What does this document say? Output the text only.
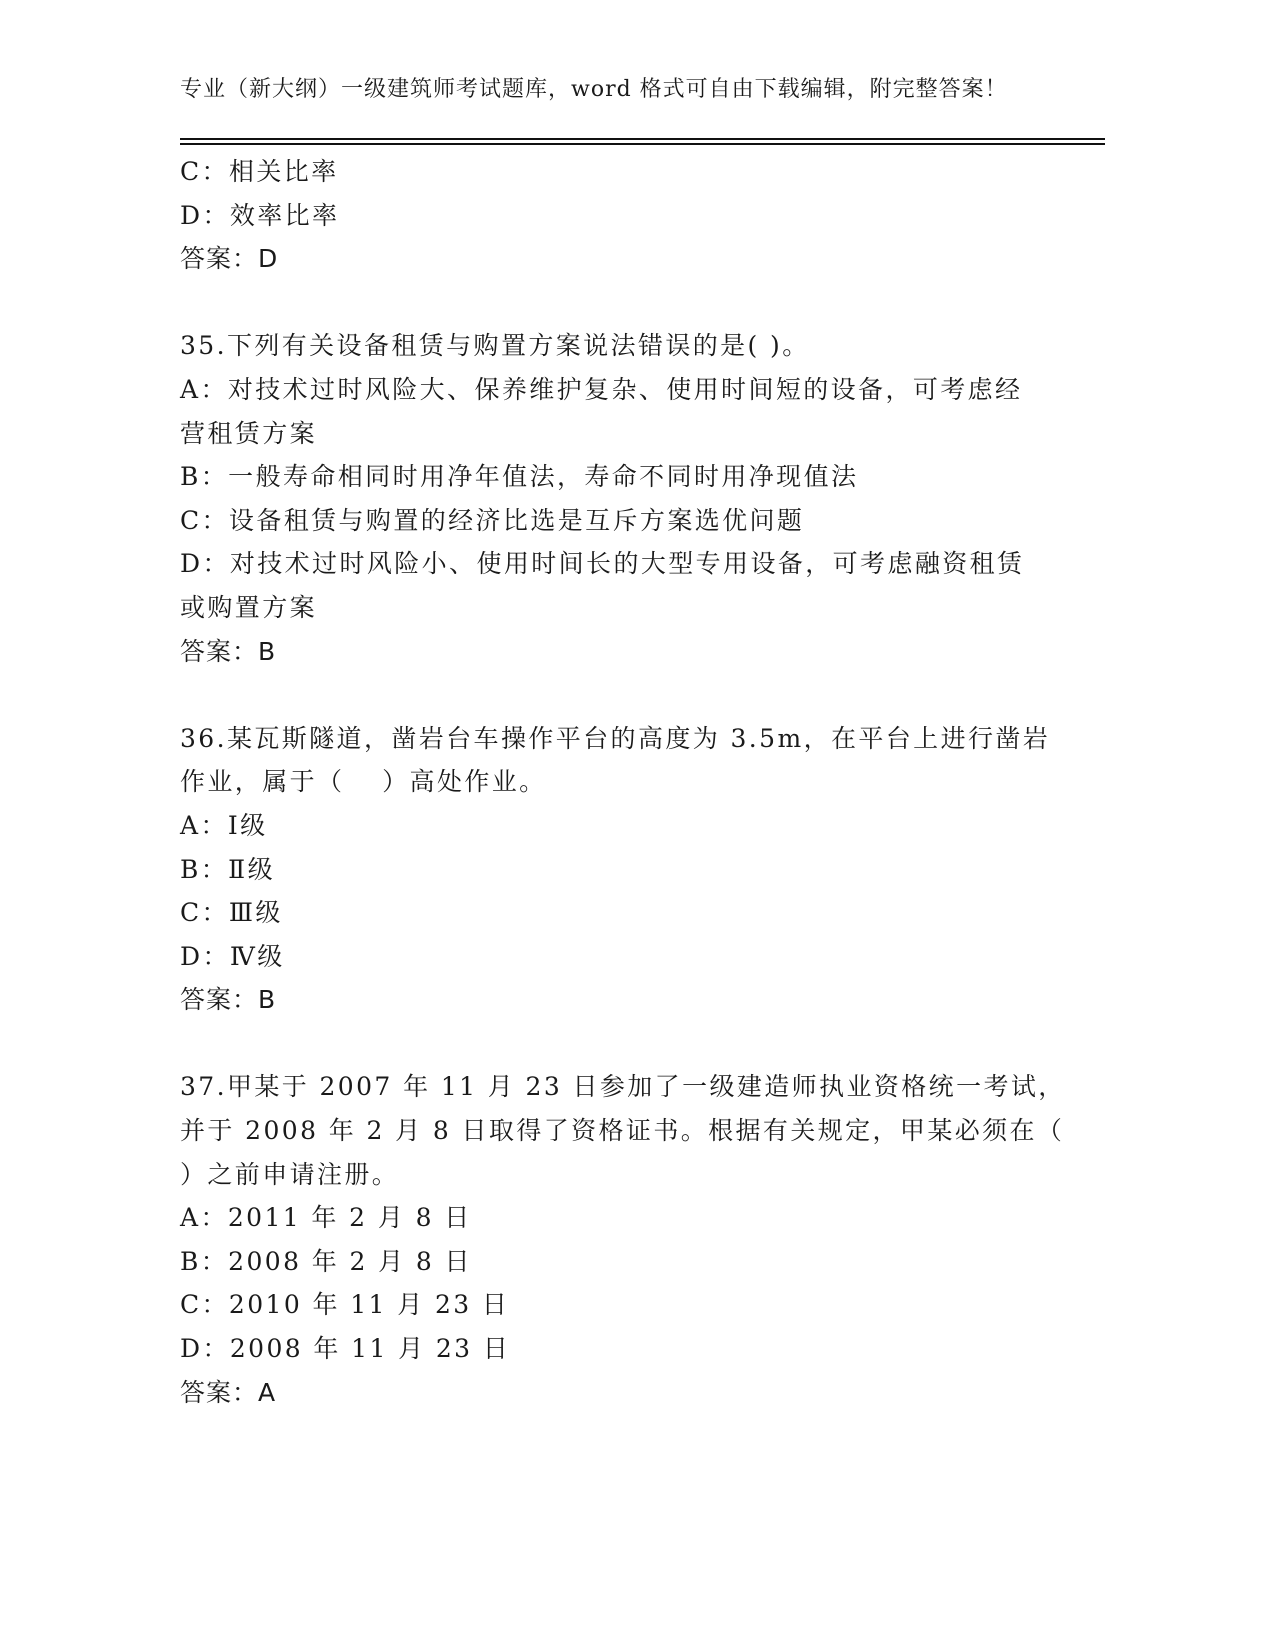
专业（新大纲）一级建筑师考试题库，word 格式可自由下载编辑，附完整答案！
C：相关比率
D：效率比率
答案：D
35.下列有关设备租赁与购置方案说法错误的是( )。
A：对技术过时风险大、保养维护复杂、使用时间短的设备，可考虑经
营租赁方案
B：一般寿命相同时用净年值法，寿命不同时用净现值法
C：设备租赁与购置的经济比选是互斥方案选优问题
D：对技术过时风险小、使用时间长的大型专用设备，可考虑融资租赁
或购置方案
答案：B
36.某瓦斯隧道，凿岩台车操作平台的高度为 3.5m，在平台上进行凿岩
作业，属于（　 ）高处作业。
A：Ⅰ级
B：Ⅱ级
C：Ⅲ级
D：Ⅳ级
答案：B
37.甲某于 2007 年 11 月 23 日参加了一级建造师执业资格统一考试，
并于 2008 年 2 月 8 日取得了资格证书。根据有关规定，甲某必须在（
）之前申请注册。
A：2011 年 2 月 8 日
B：2008 年 2 月 8 日
C：2010 年 11 月 23 日
D：2008 年 11 月 23 日
答案：A
